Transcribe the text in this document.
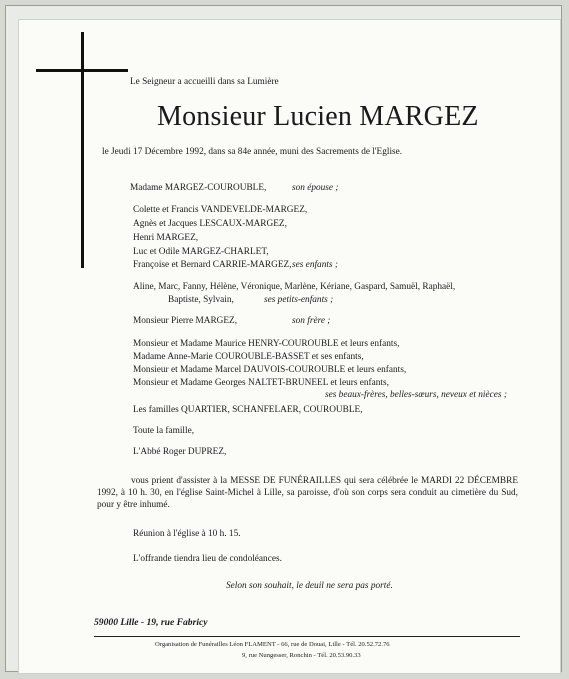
Le Seigneur a accueilli dans sa Lumière
Monsieur Lucien MARGEZ
le Jeudi 17 Décembre 1992, dans sa 84e année, muni des Sacrements de l'Eglise.
Madame MARGEZ-COUROUBLE,	son épouse ;
Colette et Francis VANDEVELDE-MARGEZ,
Agnès et Jacques LESCAUX-MARGEZ,
Henri MARGEZ,
Luc et Odile MARGEZ-CHARLET,
Françoise et Bernard CARRIE-MARGEZ, ses enfants ;
Aline, Marc, Fanny, Hélène, Véronique, Marlène, Kériane, Gaspard, Samuël, Raphaël,
Baptiste, Sylvain,	ses petits-enfants ;
Monsieur Pierre MARGEZ,	son frère ;
Monsieur et Madame Maurice HENRY-COUROUBLE et leurs enfants,
Madame Anne-Marie COUROUBLE-BASSET et ses enfants,
Monsieur et Madame Marcel DAUVOIS-COUROUBLE et leurs enfants,
Monsieur et Madame Georges NALTET-BRUNEEL et leurs enfants,
ses beaux-frères, belles-sœurs, neveux et nièces ;
Les familles QUARTIER, SCHANFELAER, COUROUBLE,
Toute la famille,
L'Abbé Roger DUPREZ,
vous prient d'assister à la MESSE DE FUNÉRAILLES qui sera célébrée le MARDI 22 DÉCEMBRE 1992, à 10 h. 30, en l'église Saint-Michel à Lille, sa paroisse, d'où son corps sera conduit au cimetière du Sud, pour y être inhumé.
Réunion à l'église à 10 h. 15.
L'offrande tiendra lieu de condoléances.
Selon son souhait, le deuil ne sera pas porté.
59000 Lille - 19, rue Fabricy
Organisation de Funérailles Léon FLAMENT - 66, rue de Douai, Lille - Tél. 20.52.72.76
9, rue Nungesser, Ronchin - Tél. 20.53.90.33
